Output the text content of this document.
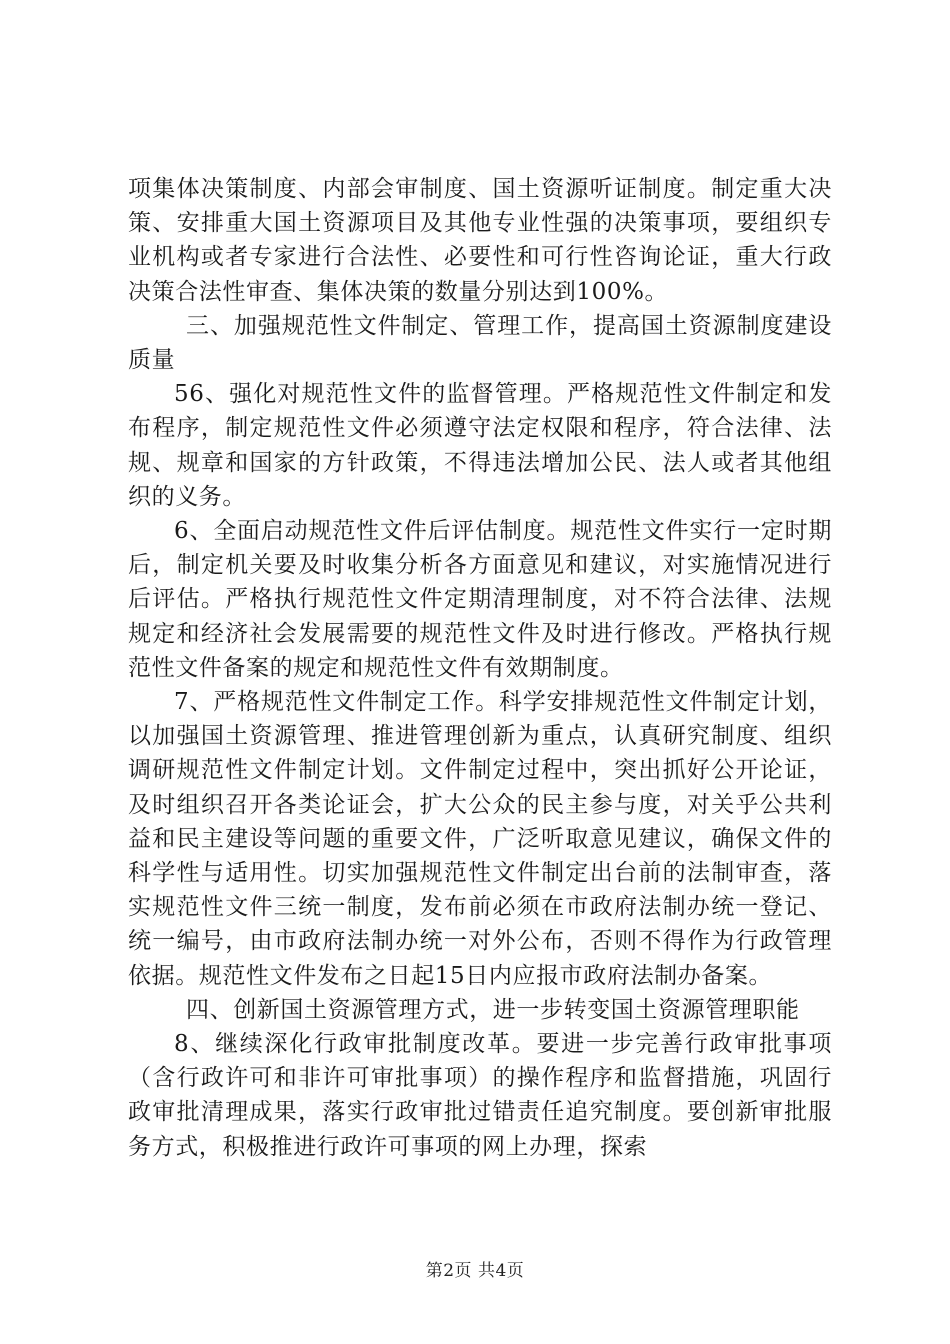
项集体决策制度、内部会审制度、国土资源听证制度。制定重大决策、安排重大国土资源项目及其他专业性强的决策事项，要组织专业机构或者专家进行合法性、必要性和可行性咨询论证，重大行政决策合法性审查、集体决策的数量分别达到100%。

三、加强规范性文件制定、管理工作，提高国土资源制度建设质量

56、强化对规范性文件的监督管理。严格规范性文件制定和发布程序，制定规范性文件必须遵守法定权限和程序，符合法律、法规、规章和国家的方针政策，不得违法增加公民、法人或者其他组织的义务。

6、全面启动规范性文件后评估制度。规范性文件实行一定时期后，制定机关要及时收集分析各方面意见和建议，对实施情况进行后评估。严格执行规范性文件定期清理制度，对不符合法律、法规规定和经济社会发展需要的规范性文件及时进行修改。严格执行规范性文件备案的规定和规范性文件有效期制度。

7、严格规范性文件制定工作。科学安排规范性文件制定计划，以加强国土资源管理、推进管理创新为重点，认真研究制度、组织调研规范性文件制定计划。文件制定过程中，突出抓好公开论证，及时组织召开各类论证会，扩大公众的民主参与度，对关乎公共利益和民主建设等问题的重要文件，广泛听取意见建议，确保文件的科学性与适用性。切实加强规范性文件制定出台前的法制审查，落实规范性文件三统一制度，发布前必须在市政府法制办统一登记、统一编号，由市政府法制办统一对外公布，否则不得作为行政管理依据。规范性文件发布之日起15日内应报市政府法制办备案。

四、创新国土资源管理方式，进一步转变国土资源管理职能

8、继续深化行政审批制度改革。要进一步完善行政审批事项（含行政许可和非许可审批事项）的操作程序和监督措施，巩固行政审批清理成果，落实行政审批过错责任追究制度。要创新审批服务方式，积极推进行政许可事项的网上办理，探索

第2页 共4页
